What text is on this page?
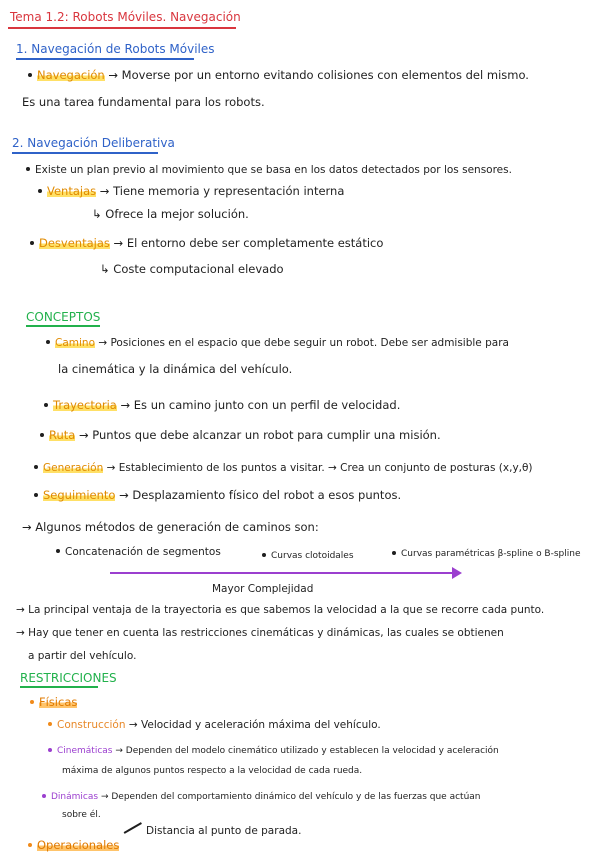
Tema 1.2: Robots Móviles. Navegación
1. Navegación de Robots Móviles
Navegación → Moverse por un entorno evitando colisiones con elementos del mismo.
Es una tarea fundamental para los robots.
2. Navegación Deliberativa
Existe un plan previo al movimiento que se basa en los datos detectados por los sensores.
Ventajas → Tiene memoria y representación interna
↳ Ofrece la mejor solución.
Desventajas → El entorno debe ser completamente estático
↳ Coste computacional elevado
CONCEPTOS
Camino → Posiciones en el espacio que debe seguir un robot. Debe ser admisible para
la cinemática y la dinámica del vehículo.
Trayectoria → Es un camino junto con un perfil de velocidad.
Ruta → Puntos que debe alcanzar un robot para cumplir una misión.
Generación → Establecimiento de los puntos a visitar. → Crea un conjunto de posturas (x,y,θ)
Seguimiento → Desplazamiento físico del robot a esos puntos.
→ Algunos métodos de generación de caminos son:
Concatenación de segmentos	Curvas clotoidales	Curvas paramétricas β-spline o B-spline
Mayor Complejidad
→ La principal ventaja de la trayectoria es que sabemos la velocidad a la que se recorre cada punto.
→ Hay que tener en cuenta las restricciones cinemáticas y dinámicas, las cuales se obtienen
a partir del vehículo.
RESTRICCIONES
Físicas
Construcción → Velocidad y aceleración máxima del vehículo.
Cinemáticas → Dependen del modelo cinemático utilizado y establecen la velocidad y aceleración
máxima de algunos puntos respecto a la velocidad de cada rueda.
Dinámicas → Dependen del comportamiento dinámico del vehículo y de las fuerzas que actúan
sobre él.
Distancia al punto de parada.
Operacionales
